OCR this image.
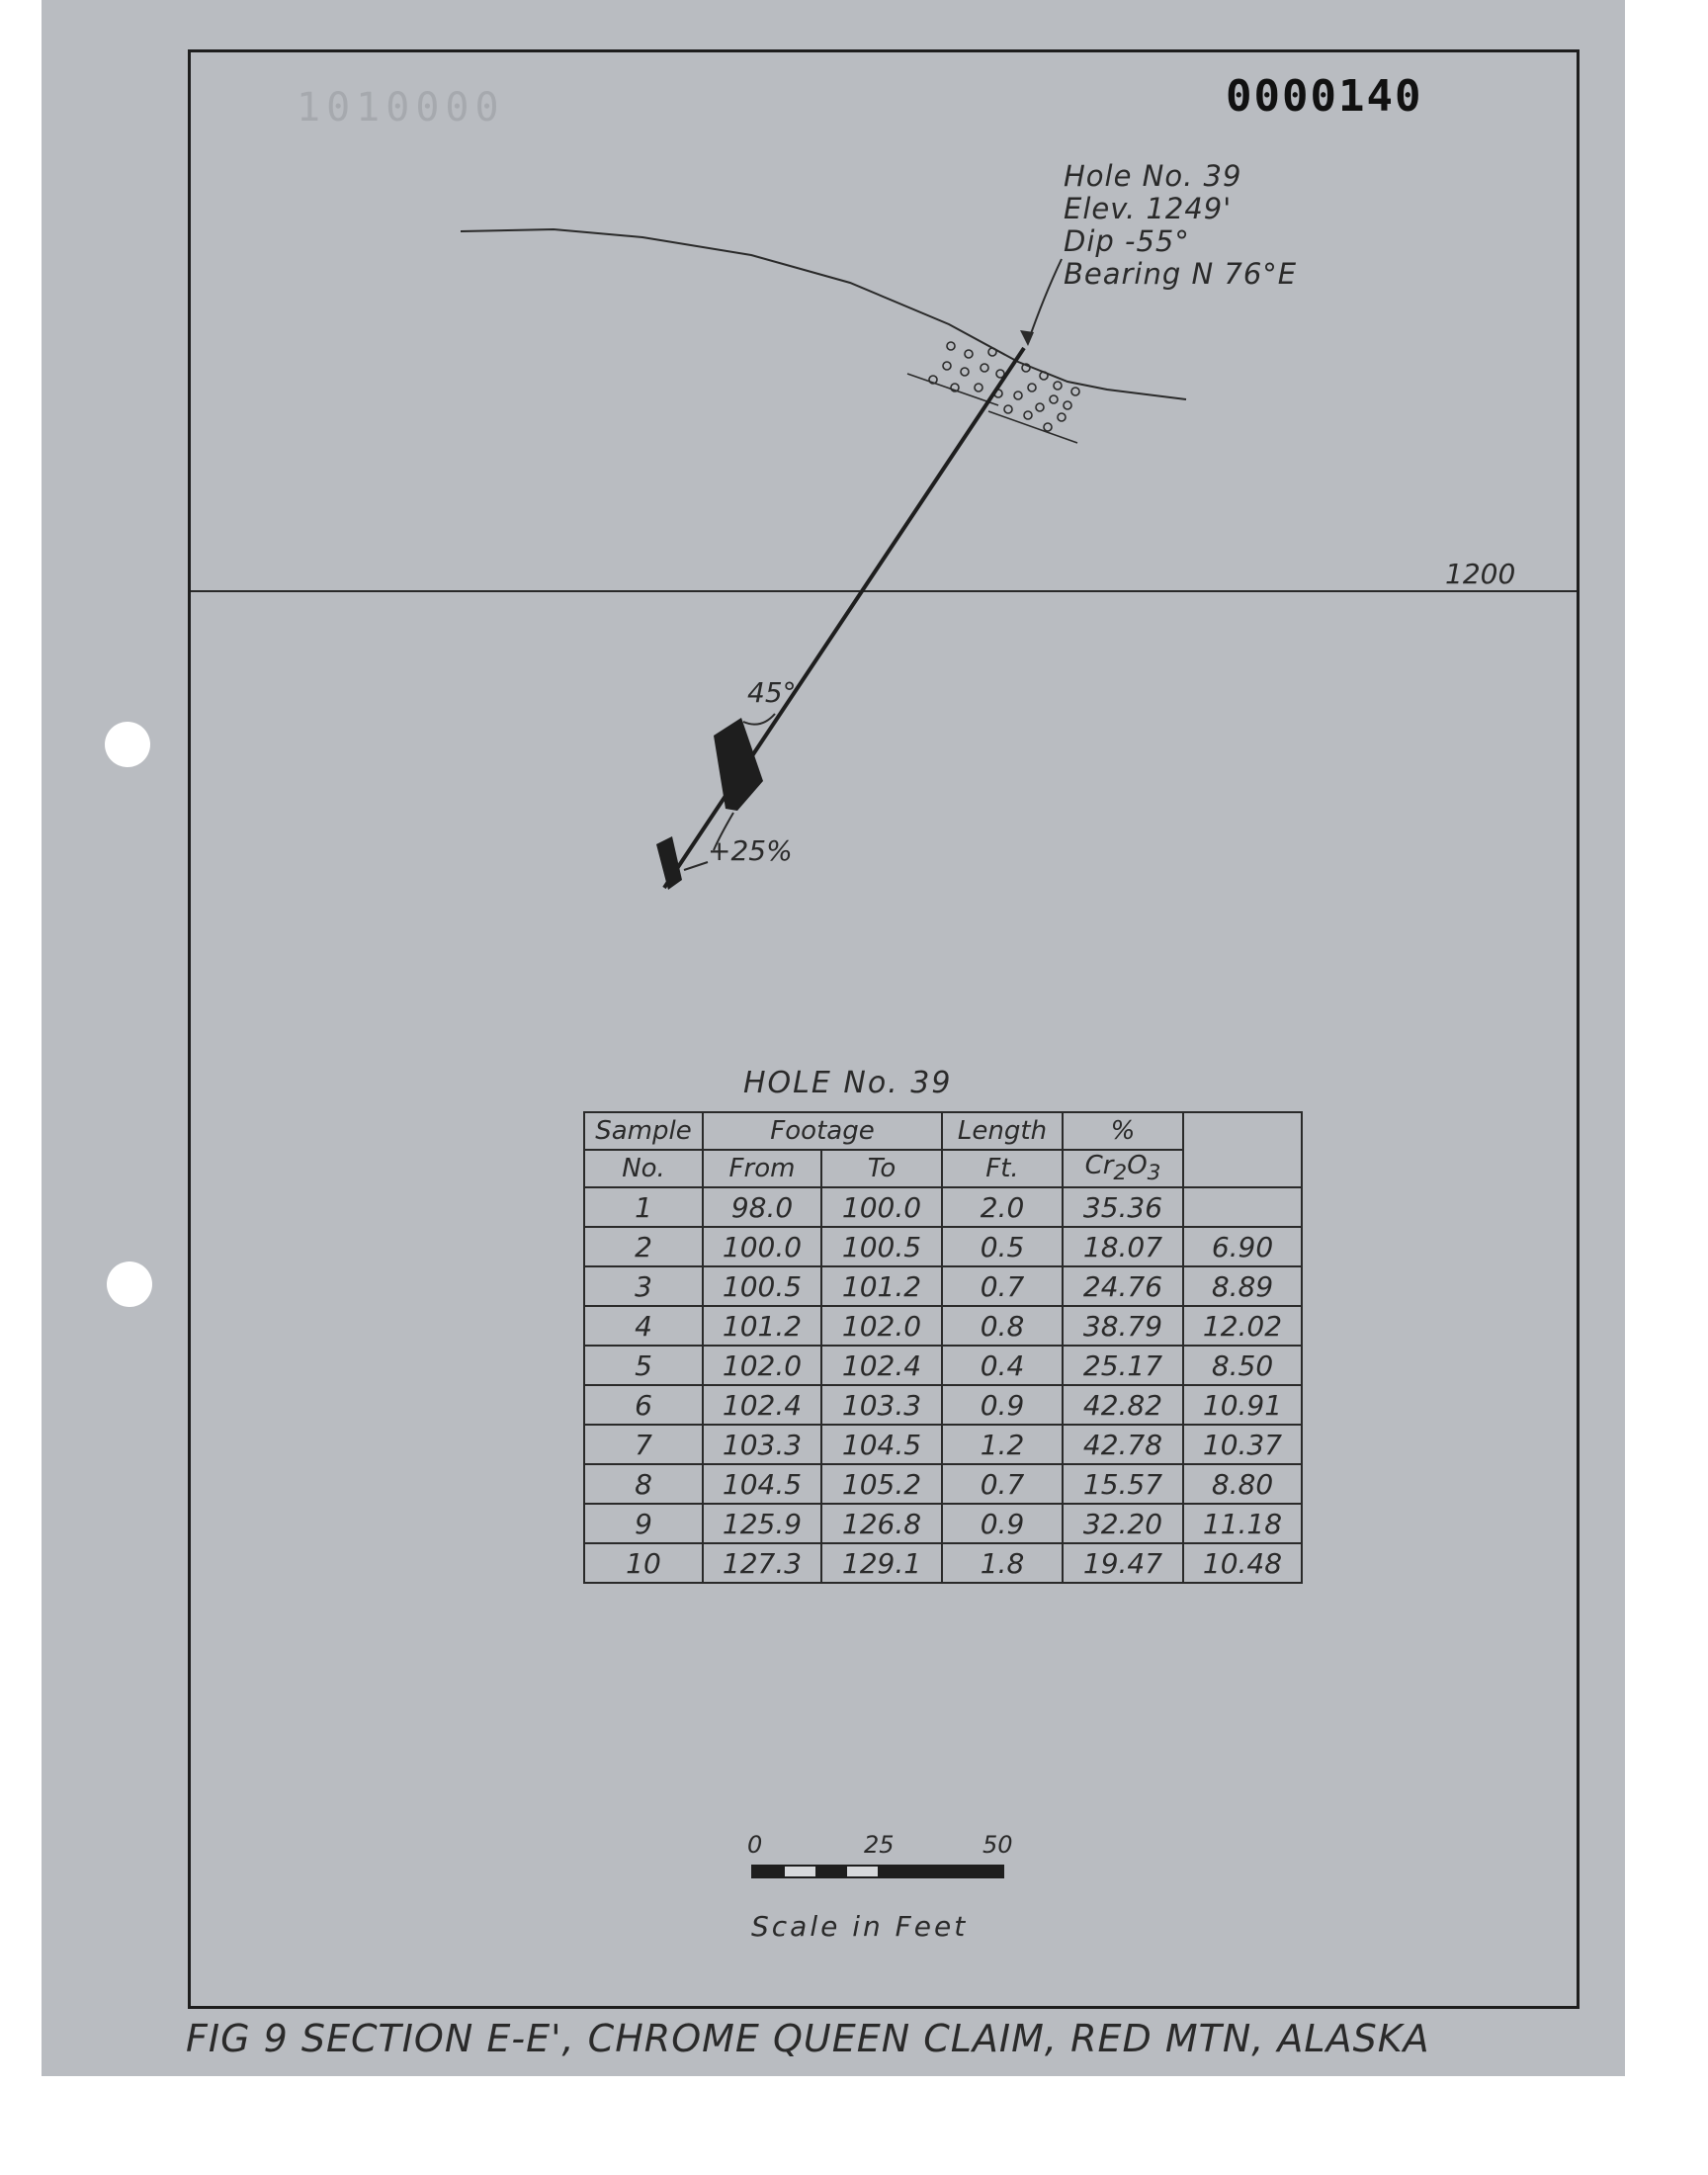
1010000	0000140
1200
45°
+25%
Hole No. 39
Elev. 1249'
Dip -55°
Bearing N 76°E
HOLE No. 39
Sample	Footage		Length	%	
No.	From	To	Ft.	$Cr_2O_3$
1	98.0	100.0	2.0	35.36	
2	100.0	100.5	0.5	18.07	6.90
3	100.5	101.2	0.7	24.76	8.89
4	101.2	102.0	0.8	38.79	12.02
5	102.0	102.4	0.4	25.17	8.50
6	102.4	103.3	0.9	42.82	10.91
7	103.3	104.5	1.2	42.78	10.37
8	104.5	105.2	0.7	15.57	8.80
9	125.9	126.8	0.9	32.20	11.18
10	127.3	129.1	1.8	19.47	10.48
0	25	50
Scale in Feet
FIG 9 SECTION E-E', CHROME QUEEN CLAIM, RED MTN, ALASKA
